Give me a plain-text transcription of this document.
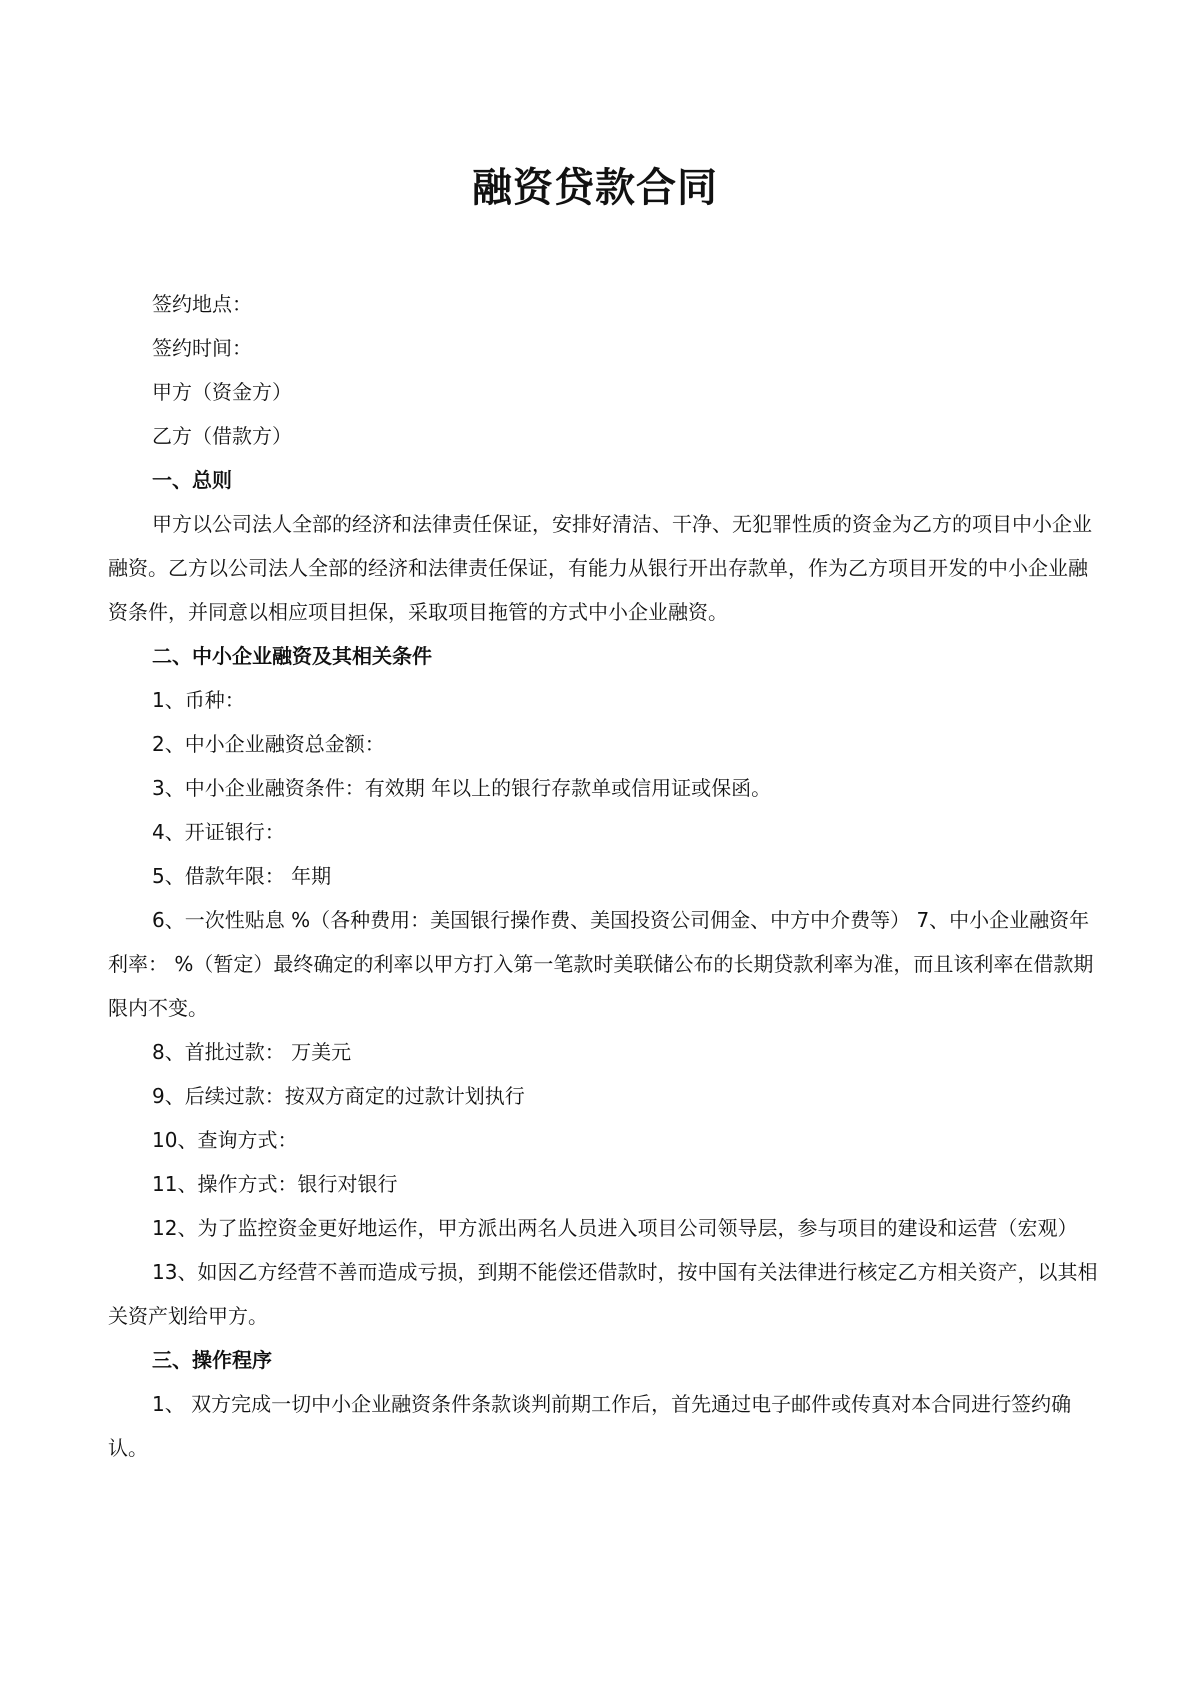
融资贷款合同

签约地点：

签约时间：

甲方（资金方）

乙方（借款方）

一、总则

甲方以公司法人全部的经济和法律责任保证，安排好清洁、干净、无犯罪性质的资金为乙方的项目中小企业融资。乙方以公司法人全部的经济和法律责任保证，有能力从银行开出存款单，作为乙方项目开发的中小企业融资条件，并同意以相应项目担保，采取项目拖管的方式中小企业融资。

二、中小企业融资及其相关条件

1、币种：

2、中小企业融资总金额：

3、中小企业融资条件：有效期 年以上的银行存款单或信用证或保函。

4、开证银行：

5、借款年限： 年期

6、一次性贴息 %（各种费用：美国银行操作费、美国投资公司佣金、中方中介费等） 7、中小企业融资年利率： %（暂定）最终确定的利率以甲方打入第一笔款时美联储公布的长期贷款利率为准，而且该利率在借款期限内不变。

8、首批过款： 万美元

9、后续过款：按双方商定的过款计划执行

10、查询方式：

11、操作方式：银行对银行

12、为了监控资金更好地运作，甲方派出两名人员进入项目公司领导层，参与项目的建设和运营（宏观）

13、如因乙方经营不善而造成亏损，到期不能偿还借款时，按中国有关法律进行核定乙方相关资产，以其相关资产划给甲方。

三、操作程序

1、 双方完成一切中小企业融资条件条款谈判前期工作后，首先通过电子邮件或传真对本合同进行签约确认。
